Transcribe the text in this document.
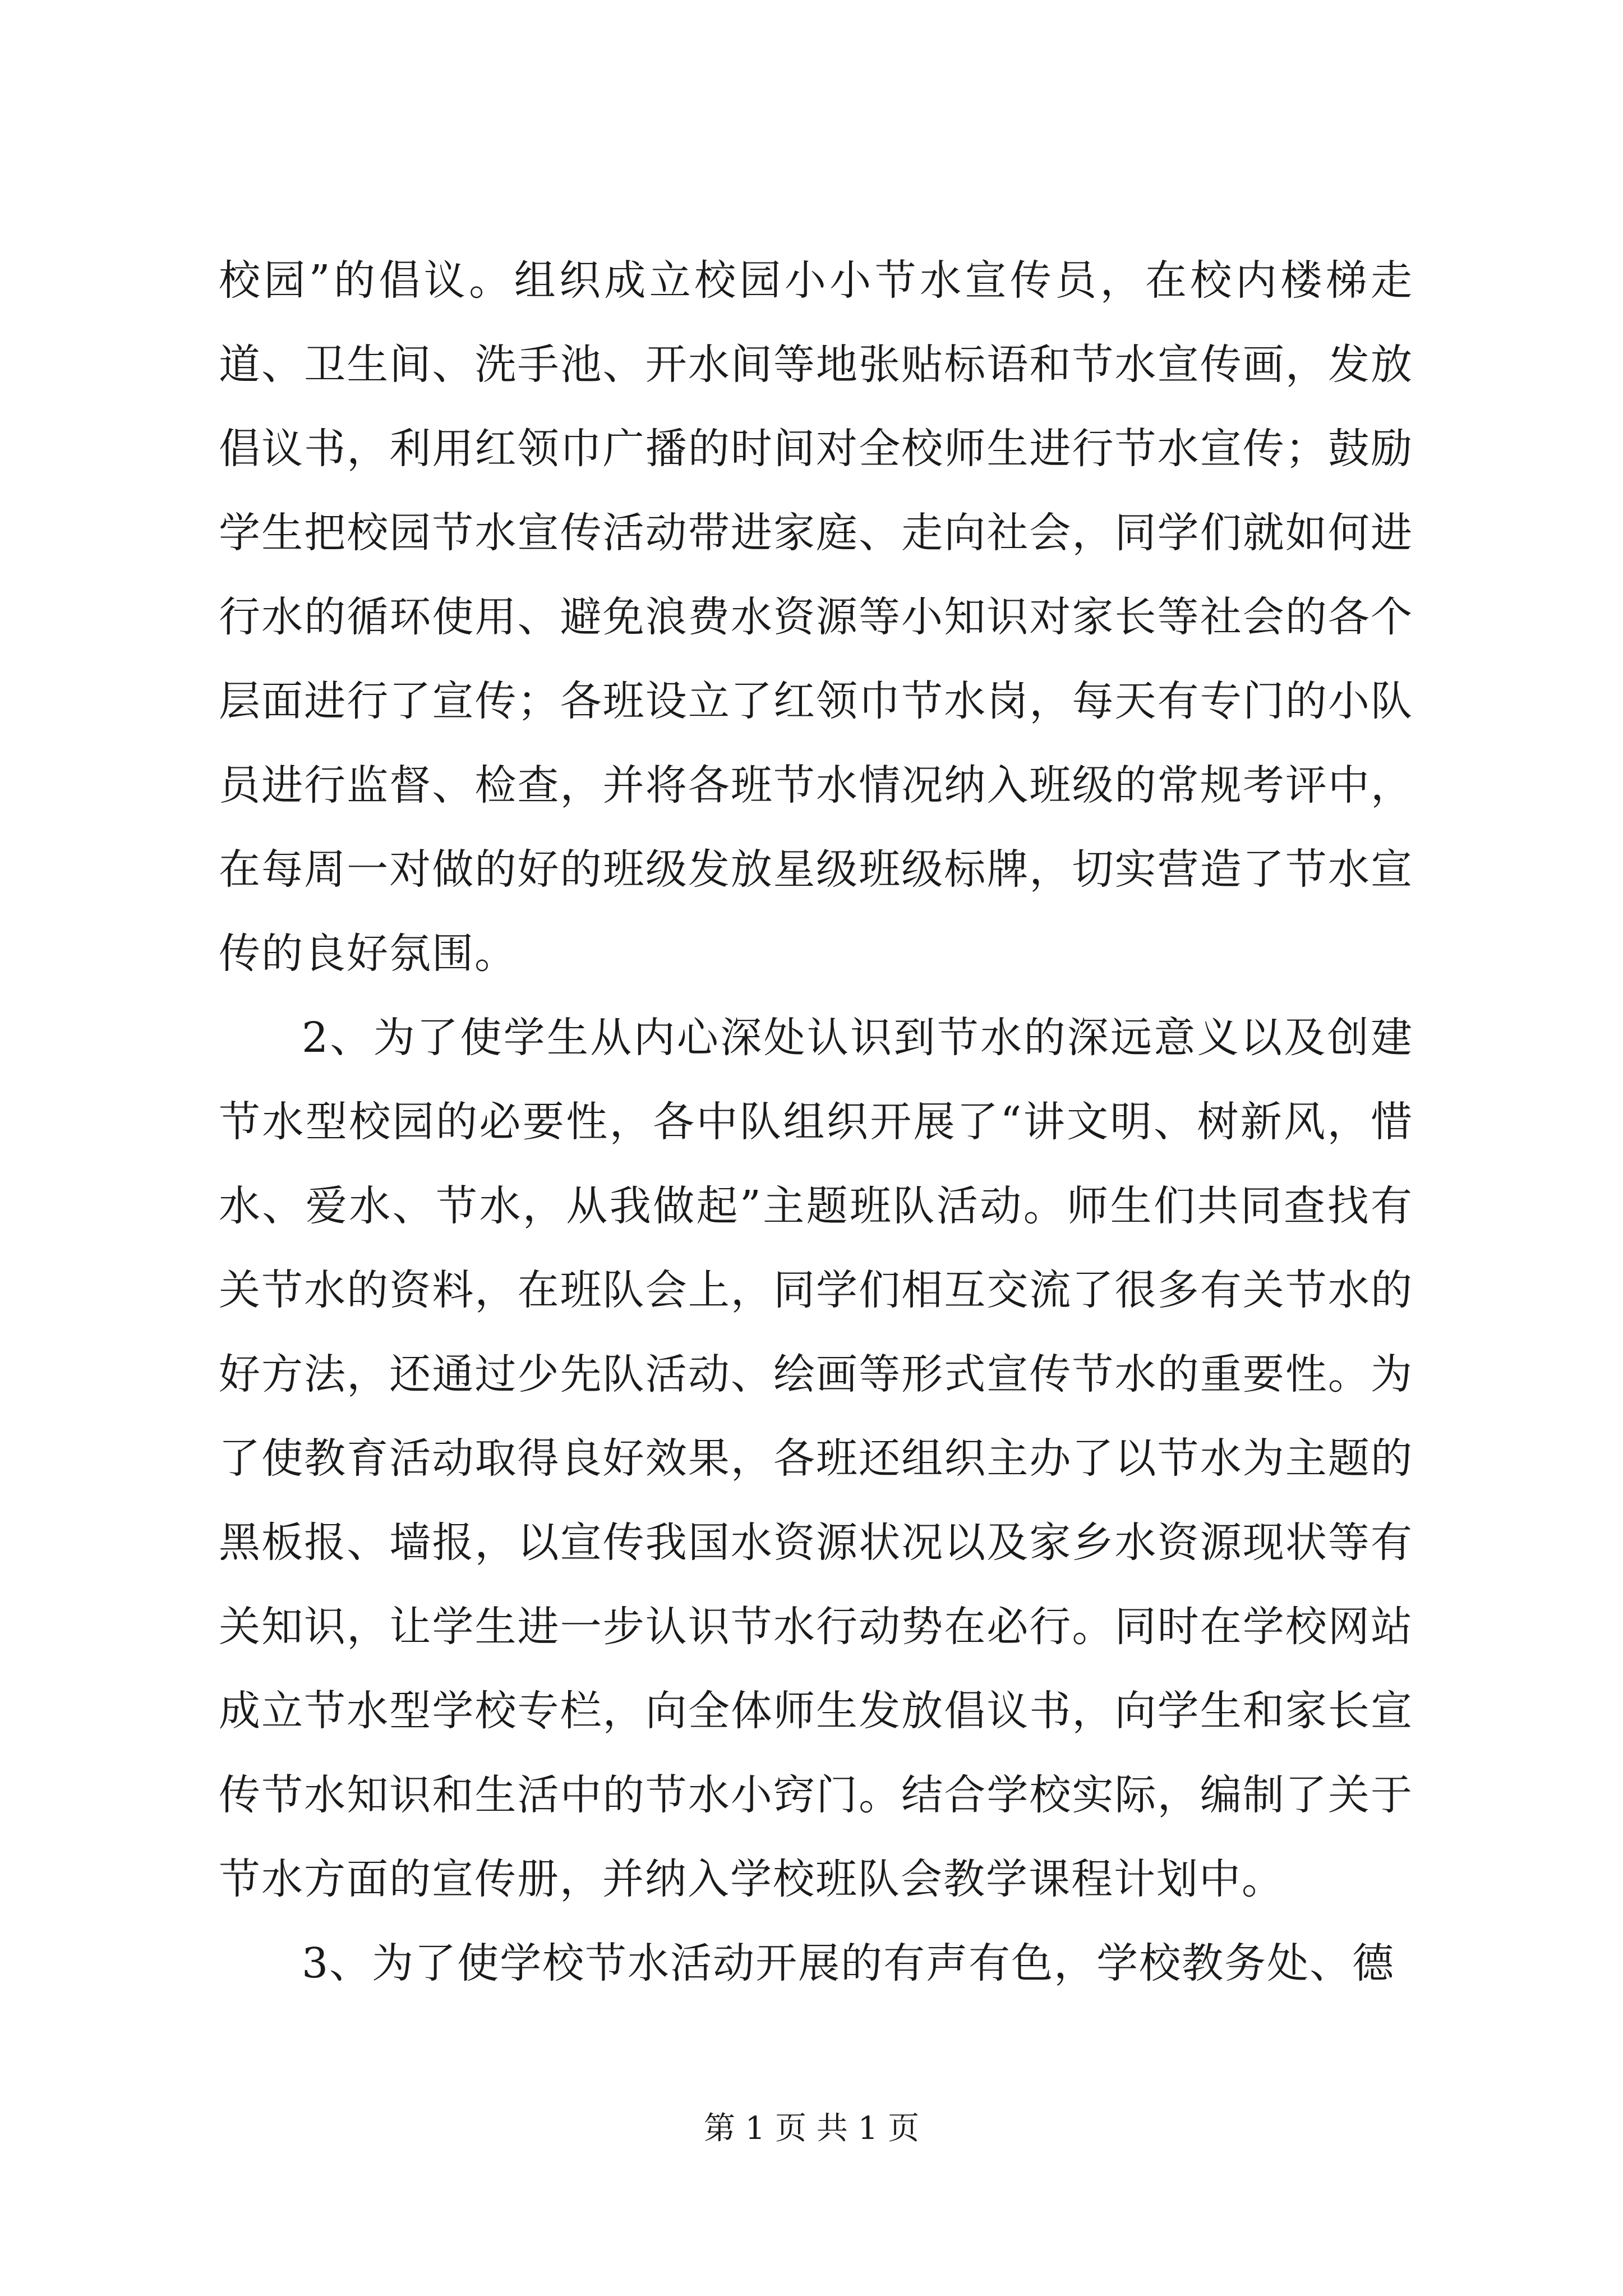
校园”的倡议。组织成立校园小小节水宣传员，在校内楼梯走道、卫生间、洗手池、开水间等地张贴标语和节水宣传画，发放倡议书，利用红领巾广播的时间对全校师生进行节水宣传；鼓励学生把校园节水宣传活动带进家庭、走向社会，同学们就如何进行水的循环使用、避免浪费水资源等小知识对家长等社会的各个层面进行了宣传；各班设立了红领巾节水岗，每天有专门的小队员进行监督、检查，并将各班节水情况纳入班级的常规考评中，在每周一对做的好的班级发放星级班级标牌，切实营造了节水宣传的良好氛围。

2、为了使学生从内心深处认识到节水的深远意义以及创建节水型校园的必要性，各中队组织开展了“讲文明、树新风，惜水、爱水、节水，从我做起”主题班队活动。师生们共同查找有关节水的资料，在班队会上，同学们相互交流了很多有关节水的好方法，还通过少先队活动、绘画等形式宣传节水的重要性。为了使教育活动取得良好效果，各班还组织主办了以节水为主题的黑板报、墙报，以宣传我国水资源状况以及家乡水资源现状等有关知识，让学生进一步认识节水行动势在必行。同时在学校网站成立节水型学校专栏，向全体师生发放倡议书，向学生和家长宣传节水知识和生活中的节水小窍门。结合学校实际，编制了关于节水方面的宣传册，并纳入学校班队会教学课程计划中。

3、为了使学校节水活动开展的有声有色，学校教务处、德

第 1 页 共 1 页
